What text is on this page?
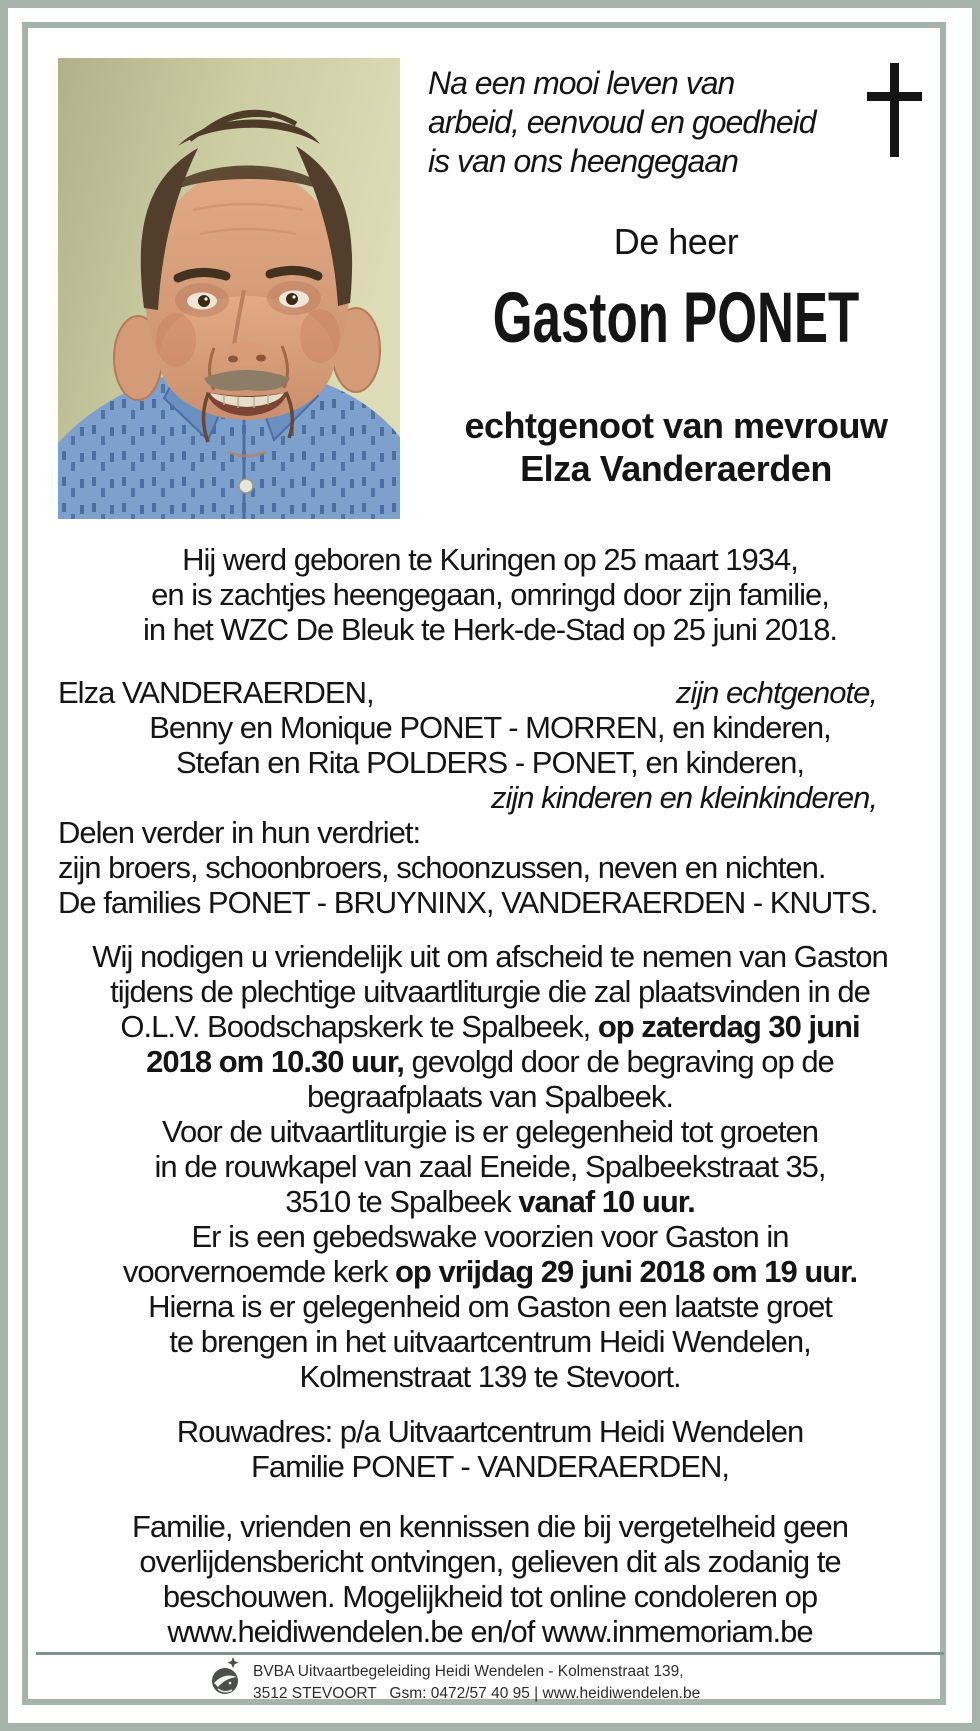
Na een mooi leven van
arbeid, eenvoud en goedheid
is van ons heengegaan
De heer
Gaston PONET
echtgenoot van mevrouw
Elza Vanderaerden
Hij werd geboren te Kuringen op 25 maart 1934,
en is zachtjes heengegaan, omringd door zijn familie,
in het WZC De Bleuk te Herk-de-Stad op 25 juni 2018.
Elza VANDERAERDEN,	zijn echtgenote,
Benny en Monique PONET - MORREN, en kinderen,
Stefan en Rita POLDERS - PONET, en kinderen,
zijn kinderen en kleinkinderen,
Delen verder in hun verdriet:
zijn broers, schoonbroers, schoonzussen, neven en nichten.
De families PONET - BRUYNINX, VANDERAERDEN - KNUTS.
Wij nodigen u vriendelijk uit om afscheid te nemen van Gaston
tijdens de plechtige uitvaartliturgie die zal plaatsvinden in de
O.L.V. Boodschapskerk te Spalbeek, op zaterdag 30 juni
2018 om 10.30 uur, gevolgd door de begraving op de
begraafplaats van Spalbeek.
Voor de uitvaartliturgie is er gelegenheid tot groeten
in de rouwkapel van zaal Eneide, Spalbeekstraat 35,
3510 te Spalbeek vanaf 10 uur.
Er is een gebedswake voorzien voor Gaston in
voorvernoemde kerk op vrijdag 29 juni 2018 om 19 uur.
Hierna is er gelegenheid om Gaston een laatste groet
te brengen in het uitvaartcentrum Heidi Wendelen,
Kolmenstraat 139 te Stevoort.
Rouwadres: p/a Uitvaartcentrum Heidi Wendelen
Familie PONET - VANDERAERDEN,
Familie, vrienden en kennissen die bij vergetelheid geen
overlijdensbericht ontvingen, gelieven dit als zodanig te
beschouwen. Mogelijkheid tot online condoleren op
www.heidiwendelen.be en/of www.inmemoriam.be
BVBA Uitvaartbegeleiding Heidi Wendelen - Kolmenstraat 139,
3512 STEVOORT   Gsm: 0472/57 40 95 | www.heidiwendelen.be
